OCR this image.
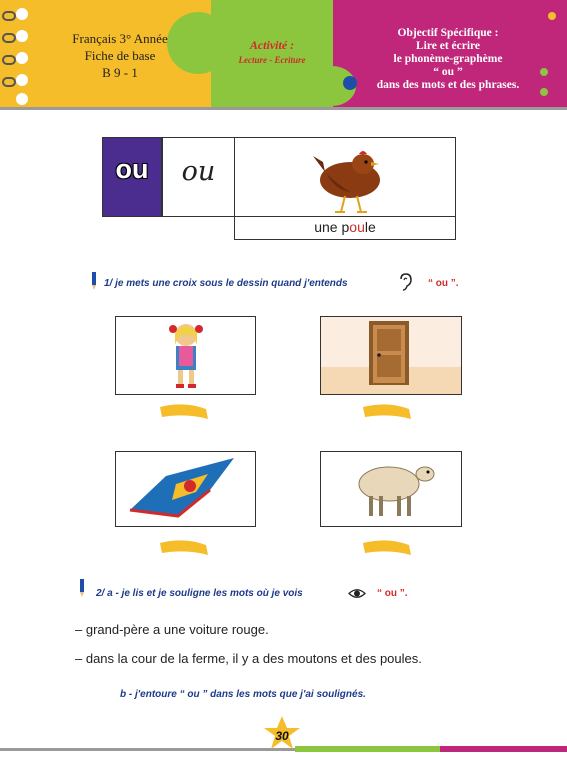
Français 3° Année
Fiche de base
B 9 - 1
Activité :
Lecture - Ecriture
Objectif Spécifique :
Lire et écrire
le phonème-graphème
“ ou ”
dans des mots et des phrases.
ou	ou
une poule
1/ je mets une croix sous le dessin quand j'entends	“ ou ”.
2/ a - je lis et je souligne les mots où je vois	“ ou ”.
– grand-père a une voiture rouge.
– dans la cour de la ferme, il y a des moutons et des poules.
b - j'entoure “ ou ” dans les mots que j'ai soulignés.
30
